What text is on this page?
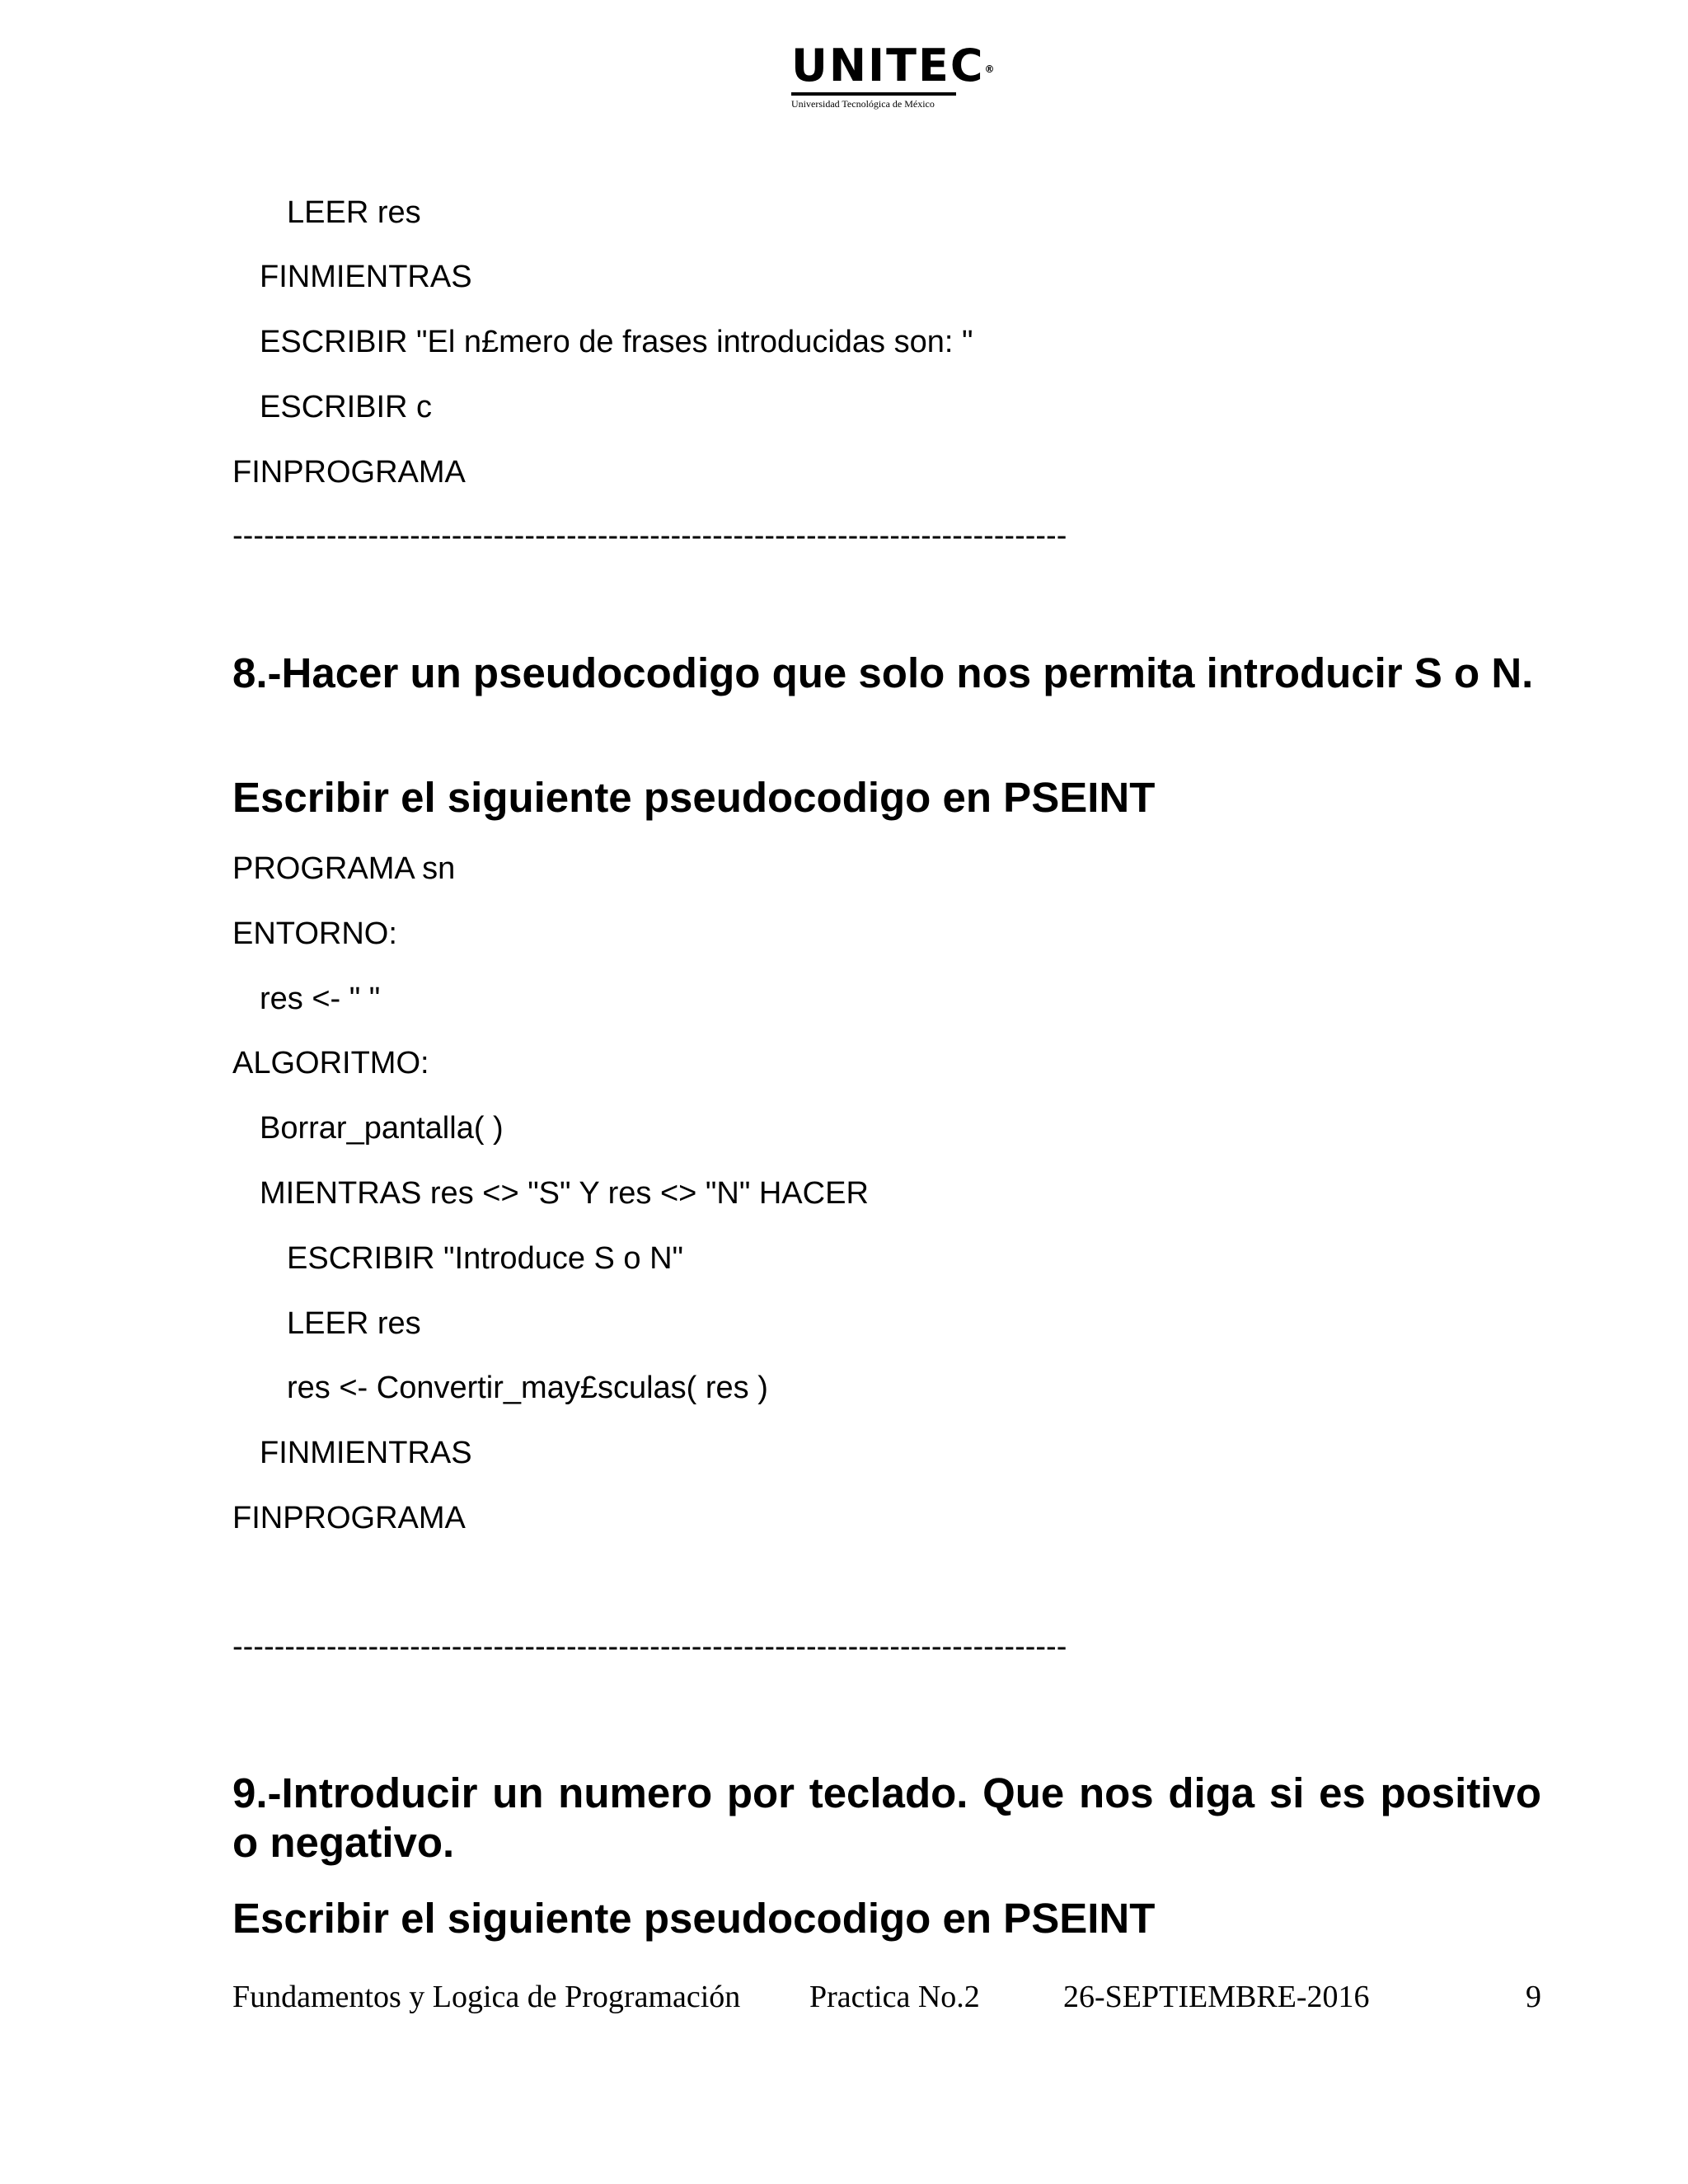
UNITEC®
Universidad Tecnológica de México
LEER res
FINMIENTRAS
ESCRIBIR "El n£mero de frases introducidas son: "
ESCRIBIR c
FINPROGRAMA
--------------------------------------------------------------------------------
8.-Hacer un pseudocodigo que solo nos permita introducir S o N.
Escribir el siguiente pseudocodigo en PSEINT
PROGRAMA sn
ENTORNO:
res <- " "
ALGORITMO:
Borrar_pantalla( )
MIENTRAS res <> "S" Y res <> "N" HACER
ESCRIBIR "Introduce S o N"
LEER res
res <- Convertir_may£sculas( res )
FINMIENTRAS
FINPROGRAMA
--------------------------------------------------------------------------------
9.-Introducir un numero por teclado. Que nos diga si es positivo o negativo.
Escribir el siguiente pseudocodigo en PSEINT
Fundamentos y Logica de Programación Practica No.2	26-SEPTIEMBRE-2016	9
